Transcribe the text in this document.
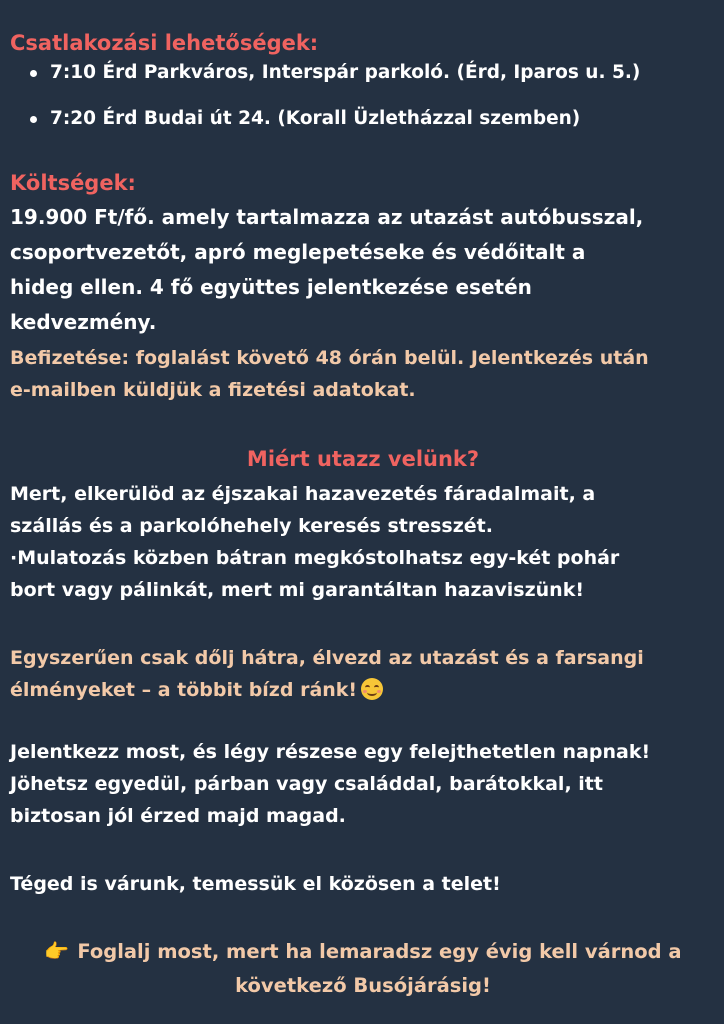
Csatlakozási lehetőségek:
7:10 Érd Parkváros, Interspár parkoló. (Érd, Iparos u. 5.)
7:20 Érd Budai út 24. (Korall Üzletházzal szemben)
Költségek:
19.900 Ft/fő. amely tartalmazza az utazást autóbusszal,
csoportvezetőt, apró meglepetéseke és védőitalt a
hideg ellen. 4 fő együttes jelentkezése esetén
kedvezmény.
Befizetése: foglalást követő 48 órán belül. Jelentkezés után
e-mailben küldjük a fizetési adatokat.
Miért utazz velünk?
Mert, elkerülöd az éjszakai hazavezetés fáradalmait, a
szállás és a parkolóhehely keresés stresszét.
·Mulatozás közben bátran megkóstolhatsz egy-két pohár
bort vagy pálinkát, mert mi garantáltan hazaviszünk!
Egyszerűen csak dőlj hátra, élvezd az utazást és a farsangi
élményeket – a többit bízd ránk!
Jelentkezz most, és légy részese egy felejthetetlen napnak!
Jöhetsz egyedül, párban vagy családdal, barátokkal, itt
biztosan jól érzed majd magad.
Téged is várunk, temessük el közösen a telet!
👉 Foglalj most, mert ha lemaradsz egy évig kell várnod a
következő Busójárásig!
